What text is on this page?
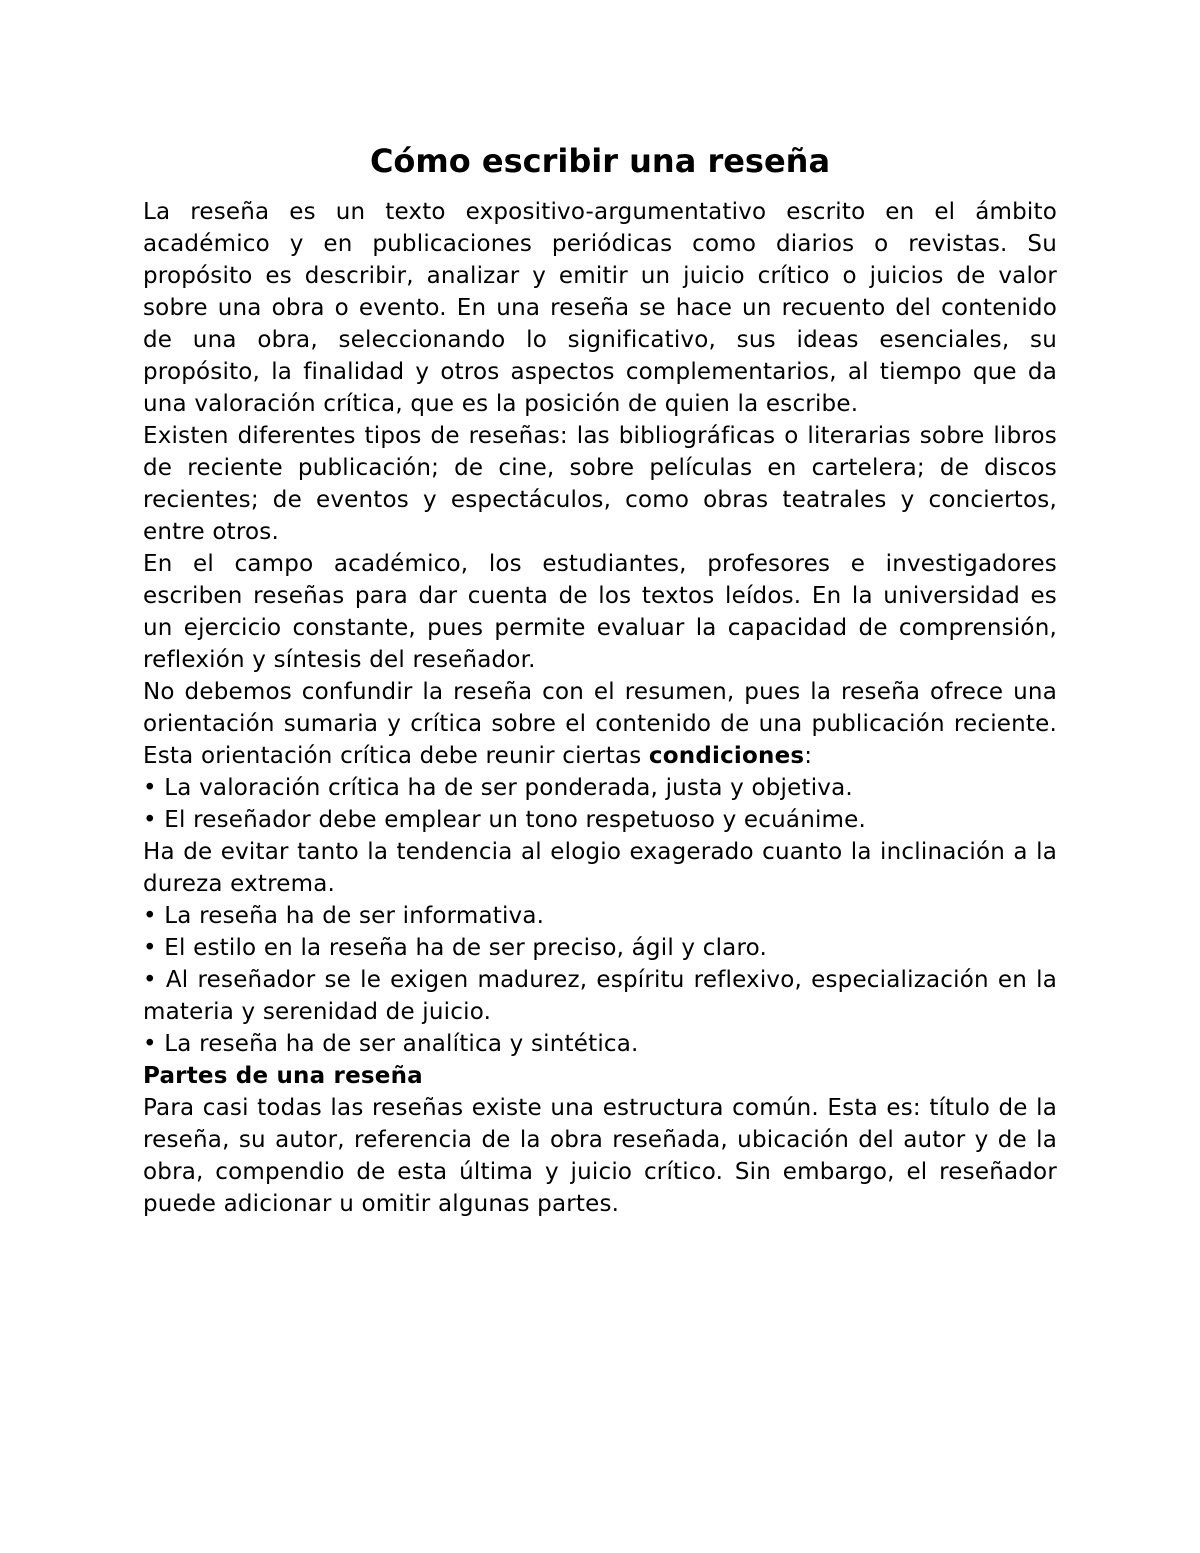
Cómo escribir una reseña

La reseña es un texto expositivo-argumentativo escrito en el ámbito académico y en publicaciones periódicas como diarios o revistas. Su propósito es describir, analizar y emitir un juicio crítico o juicios de valor sobre una obra o evento. En una reseña se hace un recuento del contenido de una obra, seleccionando lo significativo, sus ideas esenciales, su propósito, la finalidad y otros aspectos complementarios, al tiempo que da una valoración crítica, que es la posición de quien la escribe.

Existen diferentes tipos de reseñas: las bibliográficas o literarias sobre libros de reciente publicación; de cine, sobre películas en cartelera; de discos recientes; de eventos y espectáculos, como obras teatrales y conciertos, entre otros.

En el campo académico, los estudiantes, profesores e investigadores escriben reseñas para dar cuenta de los textos leídos. En la universidad es un ejercicio constante, pues permite evaluar la capacidad de comprensión, reflexión y síntesis del reseñador.

No debemos confundir la reseña con el resumen, pues la reseña ofrece una orientación sumaria y crítica sobre el contenido de una publicación reciente. Esta orientación crítica debe reunir ciertas condiciones:

• La valoración crítica ha de ser ponderada, justa y objetiva.

• El reseñador debe emplear un tono respetuoso y ecuánime.

Ha de evitar tanto la tendencia al elogio exagerado cuanto la inclinación a la dureza extrema.

• La reseña ha de ser informativa.

• El estilo en la reseña ha de ser preciso, ágil y claro.

• Al reseñador se le exigen madurez, espíritu reflexivo, especialización en la materia y serenidad de juicio.

• La reseña ha de ser analítica y sintética.

Partes de una reseña

Para casi todas las reseñas existe una estructura común. Esta es: título de la reseña, su autor, referencia de la obra reseñada, ubicación del autor y de la obra, compendio de esta última y juicio crítico. Sin embargo, el reseñador puede adicionar u omitir algunas partes.
